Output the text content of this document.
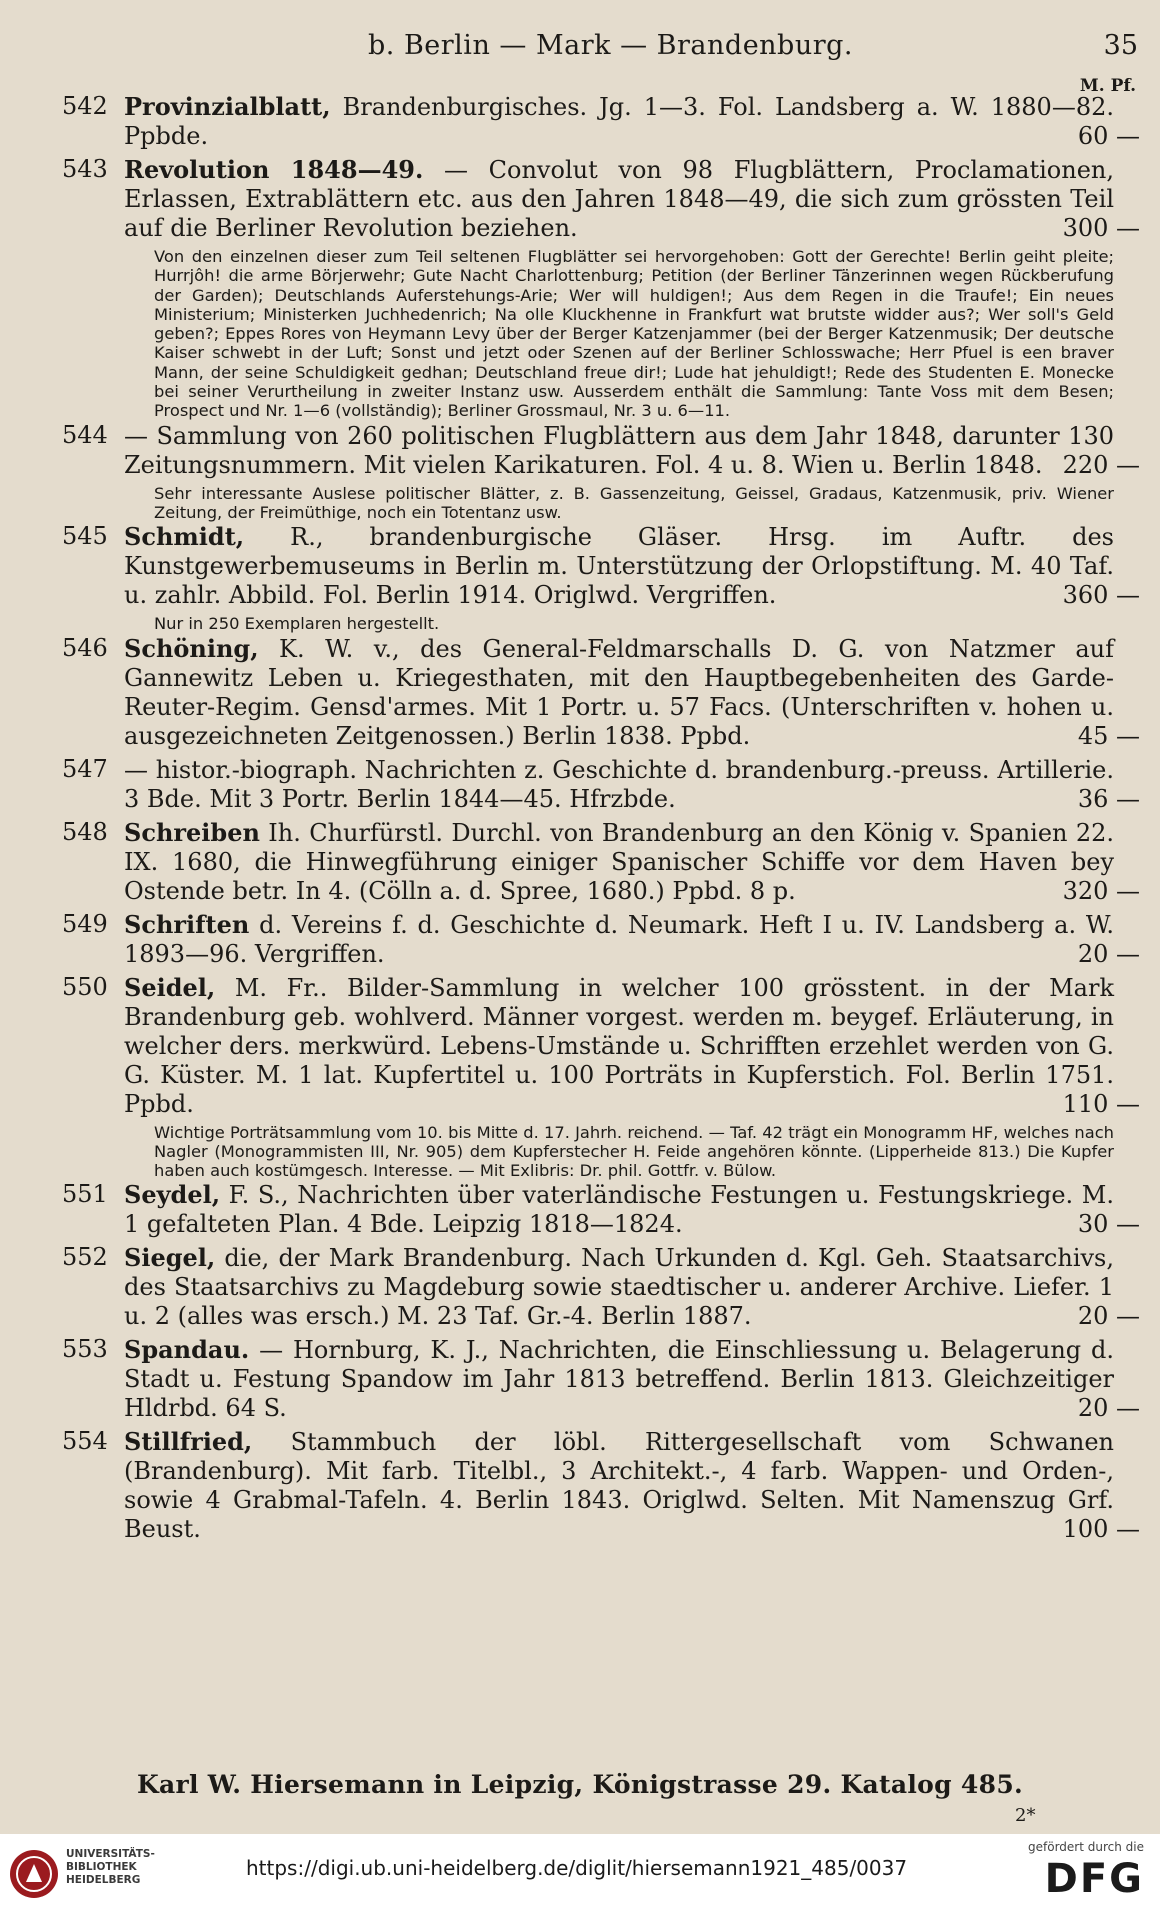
b. Berlin — Mark — Brandenburg.	35
M. Pf.
542 Provinzialblatt, Brandenburgisches. Jg. 1—3. Fol. Landsberg a. W. 1880—82. Ppbde.	60 —
543 Revolution 1848—49. — Convolut von 98 Flugblättern, Proclamationen, Erlassen, Extrablättern etc. aus den Jahren 1848—49, die sich zum grössten Teil auf die Berliner Revolution beziehen.	300 —
Von den einzelnen dieser zum Teil seltenen Flugblätter sei hervorgehoben: Gott der Gerechte! Berlin geiht pleite; Hurrjôh! die arme Börjerwehr; Gute Nacht Charlottenburg; Petition (der Berliner Tänzerinnen wegen Rückberufung der Garden); Deutschlands Auferstehungs-Arie; Wer will huldigen!; Aus dem Regen in die Traufe!; Ein neues Ministerium; Ministerken Juchhedenrich; Na olle Kluckhenne in Frankfurt wat brutste widder aus?; Wer soll's Geld geben?; Eppes Rores von Heymann Levy über der Berger Katzenjammer (bei der Berger Katzenmusik; Der deutsche Kaiser schwebt in der Luft; Sonst und jetzt oder Szenen auf der Berliner Schlosswache; Herr Pfuel is een braver Mann, der seine Schuldigkeit gedhan; Deutschland freue dir!; Lude hat jehuldigt!; Rede des Studenten E. Monecke bei seiner Verurtheilung in zweiter Instanz usw. Ausserdem enthält die Sammlung: Tante Voss mit dem Besen; Prospect und Nr. 1—6 (vollständig); Berliner Grossmaul, Nr. 3 u. 6—11.
544 — Sammlung von 260 politischen Flugblättern aus dem Jahr 1848, darunter 130 Zeitungsnummern. Mit vielen Karikaturen. Fol. 4 u. 8. Wien u. Berlin 1848. 220 —
Sehr interessante Auslese politischer Blätter, z. B. Gassenzeitung, Geissel, Gradaus, Katzenmusik, priv. Wiener Zeitung, der Freimüthige, noch ein Totentanz usw.
545 Schmidt, R., brandenburgische Gläser. Hrsg. im Auftr. des Kunstgewerbemuseums in Berlin m. Unterstützung der Orlopstiftung. M. 40 Taf. u. zahlr. Abbild. Fol. Berlin 1914. Origlwd. Vergriffen.	360 —
Nur in 250 Exemplaren hergestellt.
546 Schöning, K. W. v., des General-Feldmarschalls D. G. von Natzmer auf Gannewitz Leben u. Kriegesthaten, mit den Hauptbegebenheiten des Garde-Reuter-Regim. Gensd'armes. Mit 1 Portr. u. 57 Facs. (Unterschriften v. hohen u. ausgezeichneten Zeitgenossen.) Berlin 1838. Ppbd.	45 —
547 — histor.-biograph. Nachrichten z. Geschichte d. brandenburg.-preuss. Artillerie. 3 Bde. Mit 3 Portr. Berlin 1844—45. Hfrzbde.	36 —
548 Schreiben Ih. Churfürstl. Durchl. von Brandenburg an den König v. Spanien 22. IX. 1680, die Hinwegführung einiger Spanischer Schiffe vor dem Haven bey Ostende betr. In 4. (Cölln a. d. Spree, 1680.) Ppbd. 8 p.	320 —
549 Schriften d. Vereins f. d. Geschichte d. Neumark. Heft I u. IV. Landsberg a. W. 1893—96. Vergriffen.	20 —
550 Seidel, M. Fr.. Bilder-Sammlung in welcher 100 grösstent. in der Mark Brandenburg geb. wohlverd. Männer vorgest. werden m. beygef. Erläuterung, in welcher ders. merkwürd. Lebens-Umstände u. Schrifften erzehlet werden von G. G. Küster. M. 1 lat. Kupfertitel u. 100 Porträts in Kupferstich. Fol. Berlin 1751. Ppbd.	110 —
Wichtige Porträtsammlung vom 10. bis Mitte d. 17. Jahrh. reichend. — Taf. 42 trägt ein Monogramm HF, welches nach Nagler (Monogrammisten III, Nr. 905) dem Kupferstecher H. Feide angehören könnte. (Lipperheide 813.) Die Kupfer haben auch kostümgesch. Interesse. — Mit Exlibris: Dr. phil. Gottfr. v. Bülow.
551 Seydel, F. S., Nachrichten über vaterländische Festungen u. Festungskriege. M. 1 gefalteten Plan. 4 Bde. Leipzig 1818—1824.	30 —
552 Siegel, die, der Mark Brandenburg. Nach Urkunden d. Kgl. Geh. Staatsarchivs, des Staatsarchivs zu Magdeburg sowie staedtischer u. anderer Archive. Liefer. 1 u. 2 (alles was ersch.) M. 23 Taf. Gr.-4. Berlin 1887.	20 —
553 Spandau. — Hornburg, K. J., Nachrichten, die Einschliessung u. Belagerung d. Stadt u. Festung Spandow im Jahr 1813 betreffend. Berlin 1813. Gleichzeitiger Hldrbd. 64 S.	20 —
554 Stillfried, Stammbuch der löbl. Rittergesellschaft vom Schwanen (Brandenburg). Mit farb. Titelbl., 3 Architekt.-, 4 farb. Wappen- und Orden-, sowie 4 Grabmal-Tafeln. 4. Berlin 1843. Origlwd. Selten. Mit Namenszug Grf. Beust.	100 —
Karl W. Hiersemann in Leipzig, Königstrasse 29. Katalog 485.
2*
UNIVERSITÄTS-
BIBLIOTHEK
HEIDELBERG	https://digi.ub.uni-heidelberg.de/diglit/hiersemann1921_485/0037
gefördert durch die
DFG
